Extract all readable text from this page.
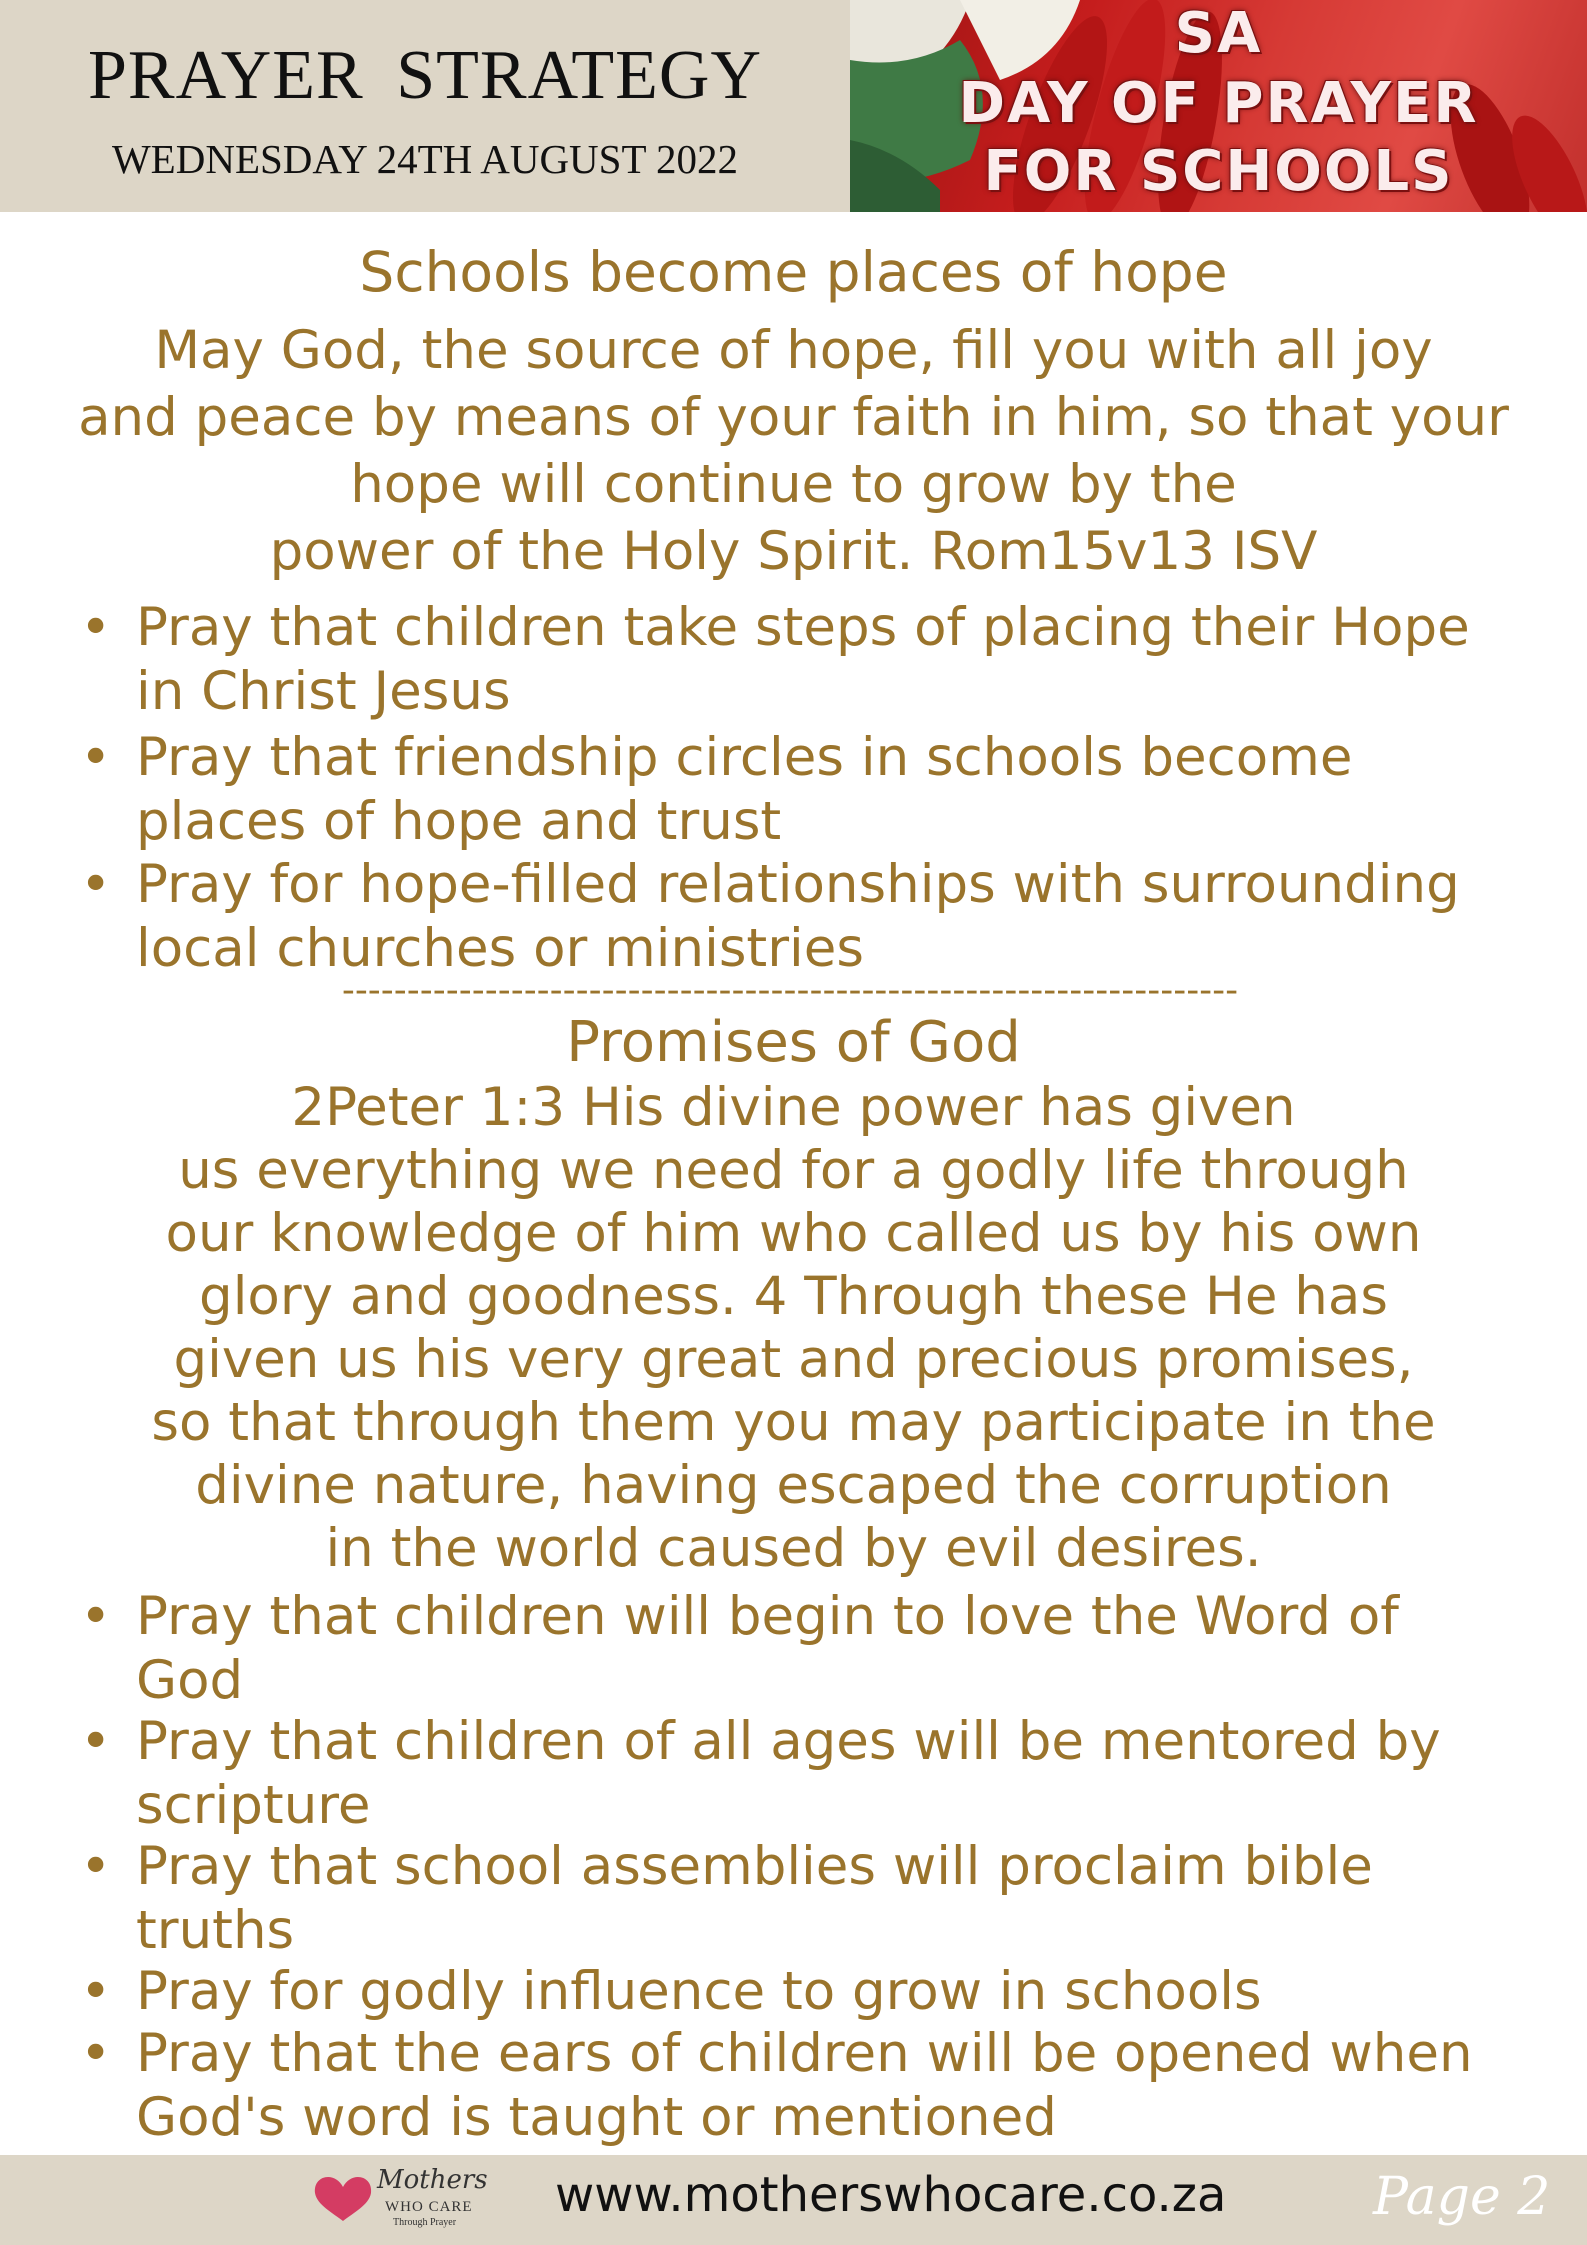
PRAYER STRATEGY
WEDNESDAY 24TH AUGUST 2022
SA
DAY OF PRAYER
FOR SCHOOLS
Schools become places of hope
May God, the source of hope, fill you with all joy
and peace by means of your faith in him, so that your
hope will continue to grow by the
power of the Holy Spirit. Rom15v13 ISV
• Pray that children take steps of placing their Hope
in Christ Jesus
• Pray that friendship circles in schools become
places of hope and trust
• Pray for hope-filled relationships with surrounding
local churches or ministries
---------------------------------------------------------------------
Promises of God
2Peter 1:3 His divine power has given
us everything we need for a godly life through
our knowledge of him who called us by his own
glory and goodness. 4 Through these He has
given us his very great and precious promises,
so that through them you may participate in the
divine nature, having escaped the corruption
in the world caused by evil desires.
• Pray that children will begin to love the Word of
God
• Pray that children of all ages will be mentored by
scripture
• Pray that school assemblies will proclaim bible
truths
• Pray for godly influence to grow in schools
• Pray that the ears of children will be opened when
God's word is taught or mentioned
Mothers
WHO CARE
Through Prayer www.motherswhocare.co.za	Page 2
